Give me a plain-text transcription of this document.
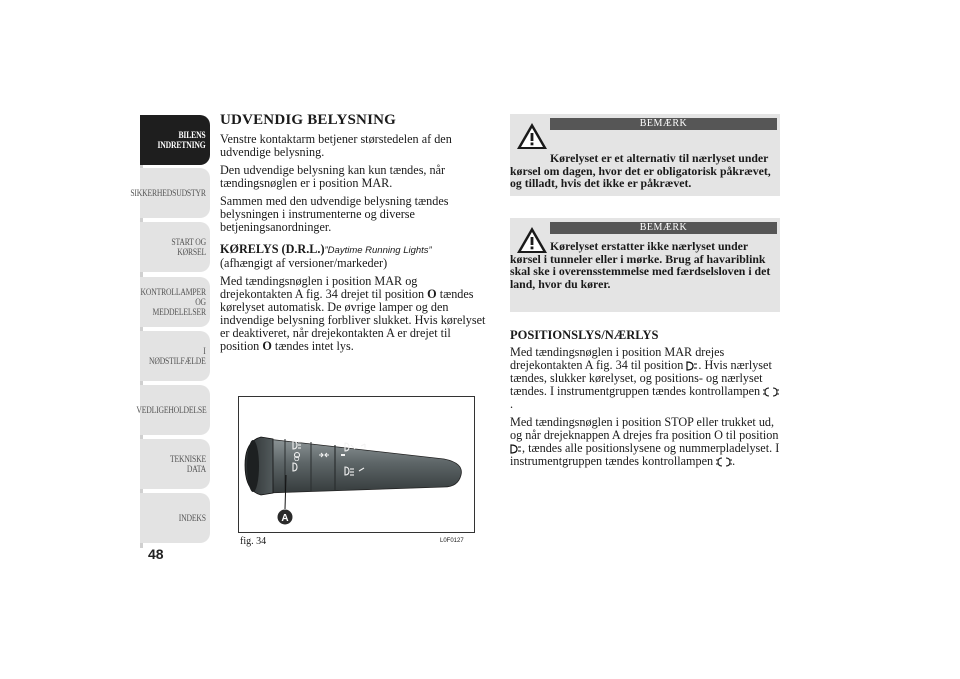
BILENS
INDRETNING
SIKKERHEDSUDSTYR
START OG KØRSEL
KONTROLLAMPER
OG MEDDELELSER
I NØDSTILFÆLDE
VEDLIGEHOLDELSE
TEKNISKE DATA
INDEKS
48
UDVENDIG BELYSNING

Venstre kontaktarm betjener størstedelen af den udvendige belysning.

Den udvendige belysning kan kun tændes, når tændingsnøglen er i position MAR.

Sammen med den udvendige belysning tændes belysningen i instrumenterne og diverse betjeningsanordninger.

KØRELYS (D.R.L.)”Daytime Running Lights”

(afhængigt af versioner/markeder)

Med tændingsnøglen i position MAR og drejekontakten A fig. 34 drejet til position O tændes kørelyset automatisk. De øvrige lamper og den indvendige belysning forbliver slukket. Hvis kørelyset er deaktiveret, når drejekontakten A er drejet til position O tændes intet lys.

O
A
fig. 34	L0F0127
BEMÆRK
Kørelyset er et alternativ til nærlyset under kørsel om dagen, hvor det er obligatorisk påkrævet, og tilladt, hvis det ikke er påkrævet.
BEMÆRK
Kørelyset erstatter ikke nærlyset under kørsel i tunneler eller i mørke. Brug af havariblink skal ske i overensstemmelse med færdselsloven i det land, hvor du kører.
POSITIONSLYS/NÆRLYS

Med tændingsnøglen i position MAR drejes drejekontakten A fig. 34 til position . Hvis nærlyset tændes, slukker kørelyset, og positions- og nærlyset tændes. I instrumentgruppen tændes kontrollampen .

Med tændingsnøglen i position STOP eller trukket ud, og når drejeknappen A drejes fra position O til position , tændes alle positionslysene og nummerpladelyset. I instrumentgruppen tændes kontrollampen .
